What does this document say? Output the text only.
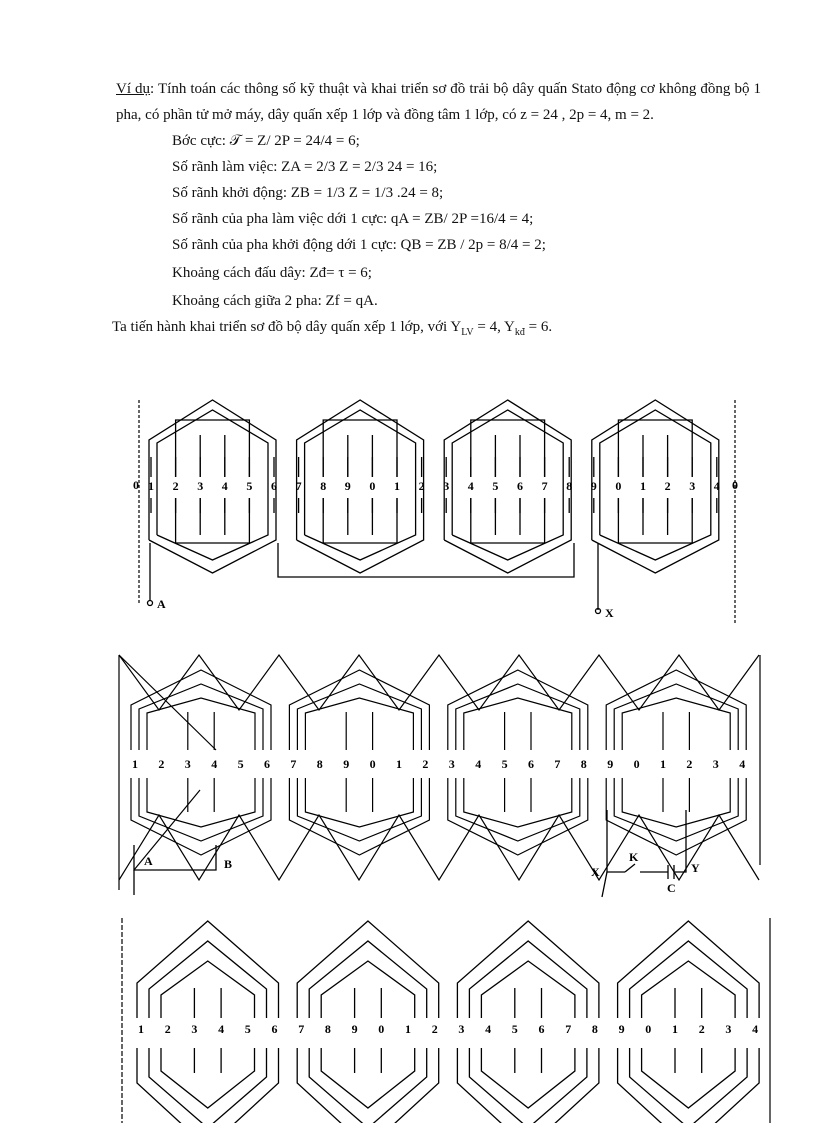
Ví dụ: Tính toán các thông số kỹ thuật và khai triển sơ đồ trải bộ dây quấn Stato động cơ không đồng bộ 1 pha, có phần tử mở máy, dây quấn xếp 1 lớp và đồng tâm 1 lớp, có z = 24 , 2p = 4, m = 2.
Bớc cực: 𝒯 = Z/ 2P = 24/4 = 6;
Số rãnh làm việc: ZA = 2/3 Z = 2/3 24 = 16;
Số rãnh khởi động: ZB = 1/3 Z = 1/3 .24 = 8;
Số rãnh của pha làm việc dới 1 cực: qA = ZB/ 2P =16/4 = 4;
Số rãnh của pha khởi động dới 1 cực: QB = ZB / 2p = 8/4 = 2;
Khoảng cách đấu dây: Zđ= τ = 6;
Khoảng cách giữa 2 pha: Zf = qA.
Ta tiến hành khai triển sơ đồ bộ dây quấn xếp 1 lớp, với $Y_{LV} = 4$, $Y_{kđ} = 6$.
1 2 3 4 5 6 7 8 9 0 1 2 3 4 5 6 7 8 9 0 1 2 3 4
0	0
A
X
1 2 3 4 5 6 7 8 9 0 1 2 3 4 5 6 7 8 9 0 1 2 3 4
A	B
X
K
Y
C
1 2 3 4 5 6 7 8 9 0 1 2 3 4 5 6 7 8 9 0 1 2 3 4
